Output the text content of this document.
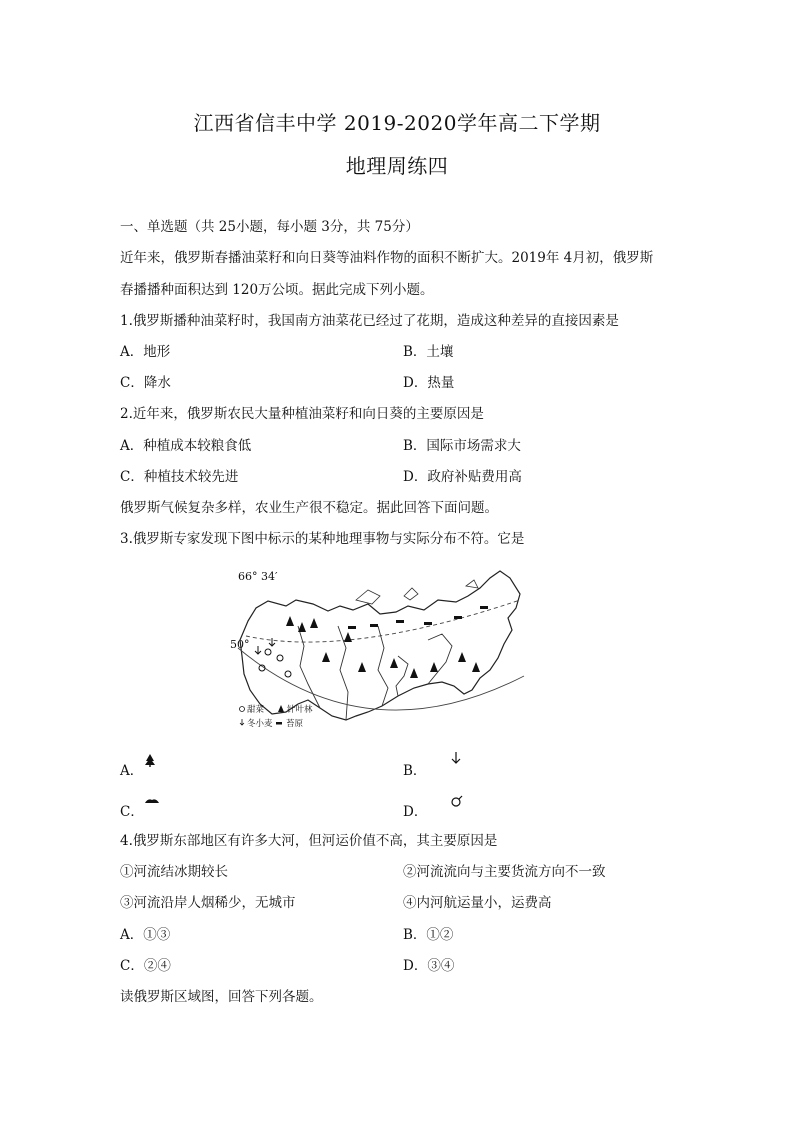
江西省信丰中学 2019-2020学年高二下学期
地理周练四
一、单选题（共 25小题，每小题 3分，共 75分）
近年来，俄罗斯春播油菜籽和向日葵等油料作物的面积不断扩大。2019年 4月初，俄罗斯
春播播种面积达到 120万公顷。据此完成下列小题。
1.俄罗斯播种油菜籽时，我国南方油菜花已经过了花期，造成这种差异的直接因素是
A．地形	B．土壤
C．降水	D．热量
2.近年来，俄罗斯农民大量种植油菜籽和向日葵的主要原因是
A．种植成本较粮食低	B．国际市场需求大
C．种植技术较先进	D．政府补贴费用高
俄罗斯气候复杂多样，农业生产很不稳定。据此回答下面问题。
3.俄罗斯专家发现下图中标示的某种地理事物与实际分布不符。它是
66° 34′
50°
甜菜	针叶林
冬小麦 苔原
A．	B．
C．	D．
4.俄罗斯东部地区有许多大河，但河运价值不高，其主要原因是
①河流结冰期较长	②河流流向与主要货流方向不一致
③河流沿岸人烟稀少，无城市	④内河航运量小，运费高
A．①③	B．①②
C．②④	D．③④
读俄罗斯区域图，回答下列各题。
